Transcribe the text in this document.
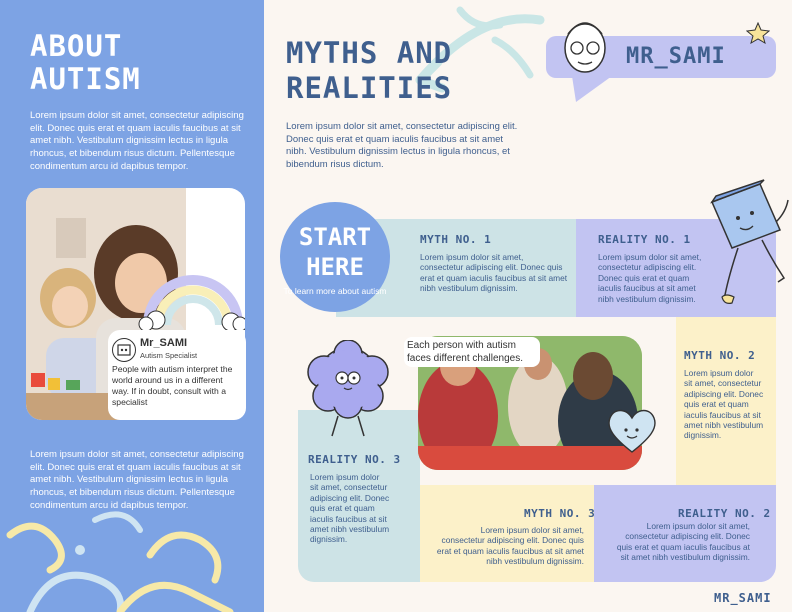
ABOUT
AUTISM
Lorem ipsum dolor sit amet, consectetur adipiscing elit. Donec quis erat et quam iaculis faucibus at sit amet nibh. Vestibulum dignissim lectus in ligula rhoncus, et bibendum risus dictum. Pellentesque condimentum arcu id dapibus tempor.
Mr_SAMI
Autism Specialist
People with autism interpret the world around us in a different way. If in doubt, consult with a specialist
Lorem ipsum dolor sit amet, consectetur adipiscing elit. Donec quis erat et quam iaculis faucibus at sit amet nibh. Vestibulum dignissim lectus in ligula rhoncus, et bibendum risus dictum. Pellentesque condimentum arcu id dapibus tempor.
MYTHS AND
REALITIES
Lorem ipsum dolor sit amet, consectetur adipiscing elit. Donec quis erat et quam iaculis faucibus at sit amet nibh. Vestibulum dignissim lectus in ligula rhoncus, et bibendum risus dictum.
MR_SAMI
START
HERE
To learn more about autism
MYTH NO. 1
Lorem ipsum dolor sit amet, consectetur adipiscing elit. Donec quis erat et quam iaculis faucibus at sit amet nibh vestibulum dignissim.
REALITY NO. 1
Lorem ipsum dolor sit amet, consectetur adipiscing elit. Donec quis erat et quam iaculis faucibus at sit amet nibh vestibulum dignissim.
MYTH NO. 2
Lorem ipsum dolor sit amet, consectetur adipiscing elit. Donec quis erat et quam iaculis faucibus at sit amet nibh vestibulum dignissim.
Each person with autism faces different challenges.
REALITY NO. 3
Lorem ipsum dolor sit amet, consectetur adipiscing elit. Donec quis erat et quam iaculis faucibus at sit amet nibh vestibulum dignissim.
MYTH NO. 3
Lorem ipsum dolor sit amet, consectetur adipiscing elit. Donec quis erat et quam iaculis faucibus at sit amet nibh vestibulum dignissim.
REALITY NO. 2
Lorem ipsum dolor sit amet, consectetur adipiscing elit. Donec quis erat et quam iaculis faucibus at sit amet nibh vestibulum dignissim.
MR_SAMI
